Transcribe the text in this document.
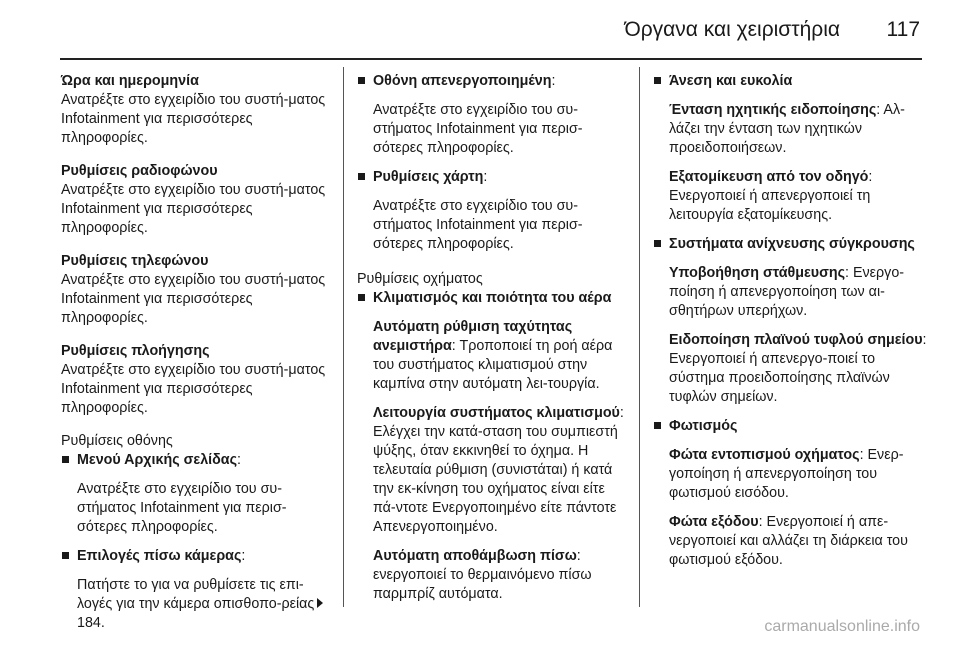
Όργανα και χειριστήρια 117
Ώρα και ημερομηνία
Ανατρέξτε στο εγχειρίδιο του συστή-ματος Infotainment για περισσότερες πληροφορίες.
Ρυθμίσεις ραδιοφώνου
Ανατρέξτε στο εγχειρίδιο του συστή-ματος Infotainment για περισσότερες πληροφορίες.
Ρυθμίσεις τηλεφώνου
Ανατρέξτε στο εγχειρίδιο του συστή-ματος Infotainment για περισσότερες πληροφορίες.
Ρυθμίσεις πλοήγησης
Ανατρέξτε στο εγχειρίδιο του συστή-ματος Infotainment για περισσότερες πληροφορίες.
Ρυθμίσεις οθόνης
Μενού Αρχικής σελίδας:
Ανατρέξτε στο εγχειρίδιο του συ-στήματος Infotainment για περισ-σότερες πληροφορίες.
Επιλογές πίσω κάμερας:
Πατήστε το για να ρυθμίσετε τις επι-λογές για την κάμερα οπισθοπο-ρείας184.
Οθόνη απενεργοποιημένη:
Ανατρέξτε στο εγχειρίδιο του συ-στήματος Infotainment για περισ-σότερες πληροφορίες.
Ρυθμίσεις χάρτη:
Ανατρέξτε στο εγχειρίδιο του συ-στήματος Infotainment για περισ-σότερες πληροφορίες.
Ρυθμίσεις οχήματος
Κλιματισμός και ποιότητα του αέρα
Αυτόματη ρύθμιση ταχύτητας ανεμιστήρα: Τροποποιεί τη ροή αέρα του συστήματος κλιματισμού στην καμπίνα στην αυτόματη λει-τουργία.
Λειτουργία συστήματος κλιματισμού: Ελέγχει την κατά-σταση του συμπιεστή ψύξης, όταν εκκινηθεί το όχημα. Η τελευταία ρύθμιση (συνιστάται) ή κατά την εκ-κίνηση του οχήματος είναι είτε πά-ντοτε Ενεργοποιημένο είτε πάντοτε Απενεργοποιημένο.
Αυτόματη αποθάμβωση πίσω: ενεργοποιεί το θερμαινόμενο πίσω παρμπρίζ αυτόματα.
Άνεση και ευκολία
Ένταση ηχητικής ειδοποίησης: Αλ-λάζει την ένταση των ηχητικών προειδοποιήσεων.
Εξατομίκευση από τον οδηγό: Ενεργοποιεί ή απενεργοποιεί τη λειτουργία εξατομίκευσης.
Συστήματα ανίχνευσης σύγκρουσης
Υποβοήθηση στάθμευσης: Ενεργο-ποίηση ή απενεργοποίηση των αι-σθητήρων υπερήχων.
Ειδοποίηση πλαϊνού τυφλού σημείου: Ενεργοποιεί ή απενεργο-ποιεί το σύστημα προειδοποίησης πλαϊνών τυφλών σημείων.
Φωτισμός
Φώτα εντοπισμού οχήματος: Ενερ-γοποίηση ή απενεργοποίηση του φωτισμού εισόδου.
Φώτα εξόδου: Ενεργοποιεί ή απε-νεργοποιεί και αλλάζει τη διάρκεια του φωτισμού εξόδου.
carmanualsonline.info
